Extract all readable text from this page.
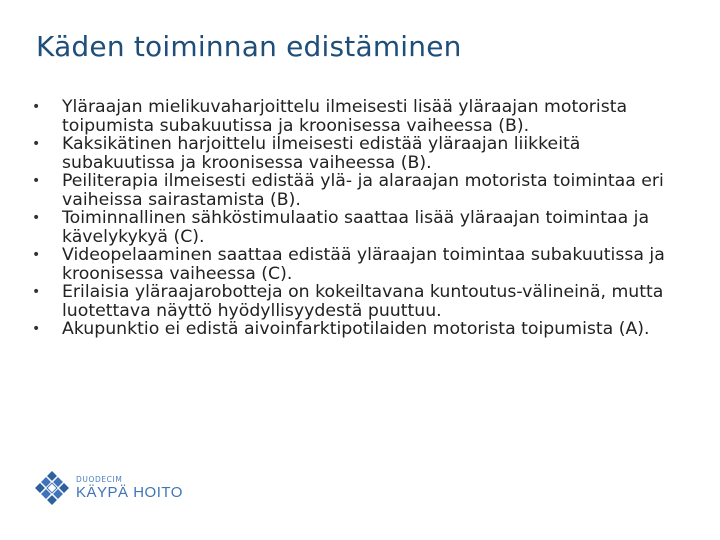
Käden toiminnan edistäminen
• Yläraajan mielikuvaharjoittelu ilmeisesti lisää yläraajan motorista toipumista subakuutissa ja kroonisessa vaiheessa (B).
• Kaksikätinen harjoittelu ilmeisesti edistää yläraajan liikkeitä subakuutissa ja kroonisessa vaiheessa (B).
• Peiliterapia ilmeisesti edistää ylä- ja alaraajan motorista toimintaa eri vaiheissa sairastamista (B).
• Toiminnallinen sähköstimulaatio saattaa lisää yläraajan toimintaa ja kävelykykyä (C).
• Videopelaaminen saattaa edistää yläraajan toimintaa subakuutissa ja kroonisessa vaiheessa (C).
• Erilaisia yläraajarobotteja on kokeiltavana kuntoutus-välineinä, mutta luotettava näyttö hyödyllisyydestä puuttuu.
• Akupunktio ei edistä aivoinfarktipotilaiden motorista toipumista (A).
DUODECIM
KÄYPÄ HOITO
